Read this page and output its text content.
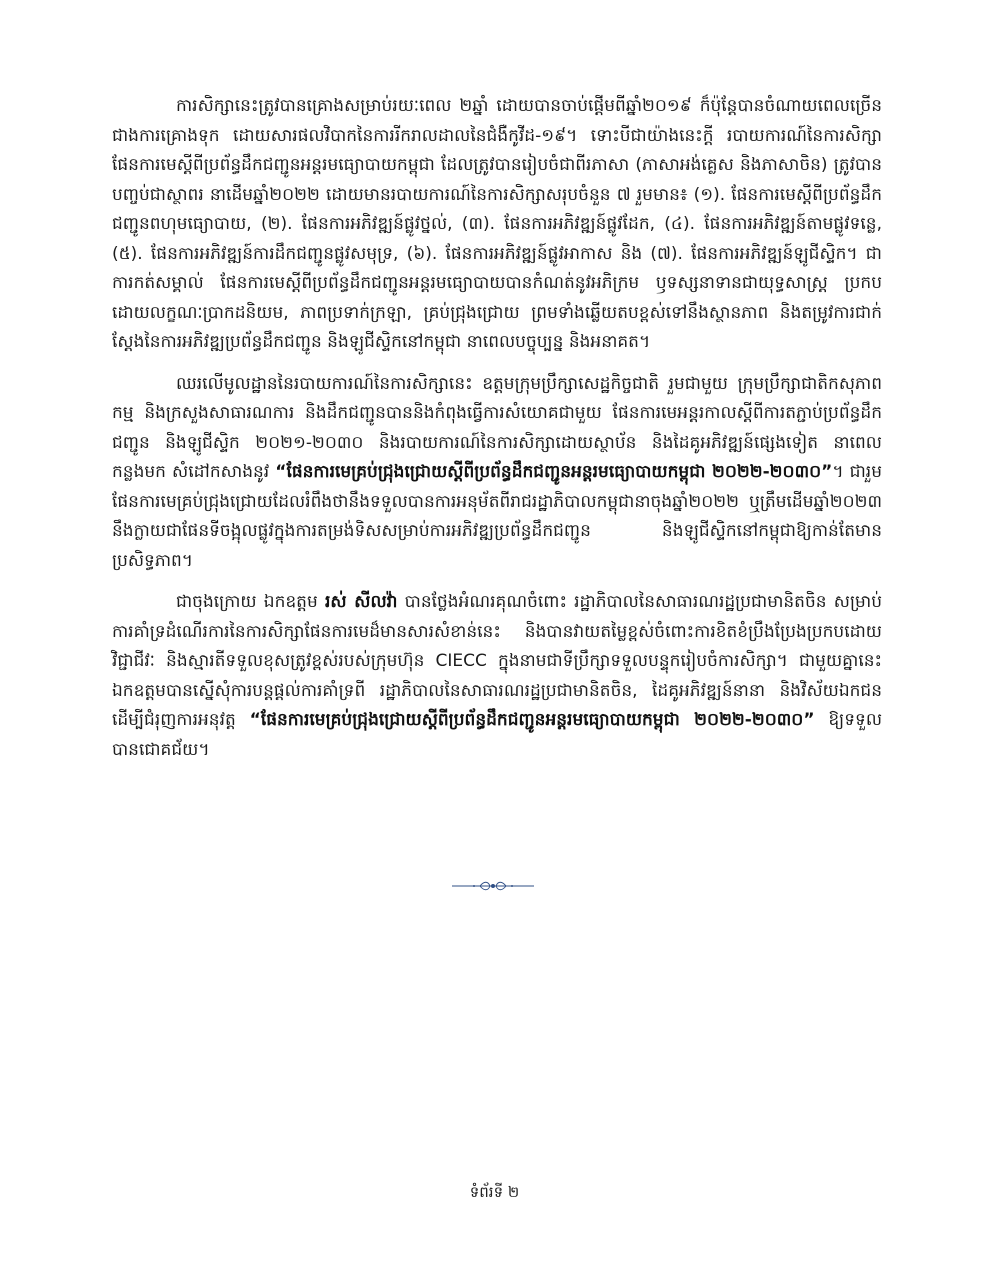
ការសិក្សានេះត្រូវបានគ្រោងសម្រាប់រយៈពេល ២ឆ្នាំ ដោយបានចាប់ផ្តើមពីឆ្នាំ២០១៩ ក៏ប៉ុន្តែបានចំណាយពេលច្រើនជាងការគ្រោងទុក ដោយសារផលវិបាកនៃការរីករាលដាលនៃជំងឺកូវីដ-១៩។ ទោះបីជាយ៉ាងនេះក្តី របាយការណ៍នៃការសិក្សាផែនការមេស្តីពីប្រព័ន្ធដឹកជញ្ជូនអន្តរមធ្យោបាយកម្ពុជា ដែលត្រូវបានរៀបចំជាពីរភាសា (ភាសាអង់គ្លេស និងភាសាចិន) ត្រូវបានបញ្ចប់ជាស្ថាពរ នាដើមឆ្នាំ២០២២ ដោយមានរបាយការណ៍នៃការសិក្សាសរុបចំនួន ៧ រួមមាន៖ (១). ផែនការមេស្តីពីប្រព័ន្ធដឹកជញ្ជូនពហុមធ្យោបាយ, (២). ផែនការអភិវឌ្ឍន៍ផ្លូវថ្នល់, (៣). ផែនការអភិវឌ្ឍន៍ផ្លូវដែក, (៤). ផែនការអភិវឌ្ឍន៍តាមផ្លូវទន្លេ, (៥). ផែនការអភិវឌ្ឍន៍ការដឹកជញ្ជូនផ្លូវសមុទ្រ, (៦). ផែនការអភិវឌ្ឍន៍ផ្លូវអាកាស និង (៧). ផែនការអភិវឌ្ឍន៍ឡូជីស្ទិក។ ជាការកត់សម្គាល់ ផែនការមេស្តីពីប្រព័ន្ធដឹកជញ្ជូនអន្តរមធ្យោបាយបានកំណត់នូវអភិក្រម ឫទស្សនាទានជាយុទ្ធសាស្ត្រ ប្រកបដោយលក្ខណៈប្រាកដនិយម, ភាពប្រទាក់ក្រឡា, គ្រប់ជ្រុងជ្រោយ ព្រមទាំងឆ្លើយតបខ្ពស់ទៅនឹងស្ថានភាព និងតម្រូវការជាក់ស្តែងនៃការអភិវឌ្ឍប្រព័ន្ធដឹកជញ្ជូន និងឡូជីស្ទិកនៅកម្ពុជា នាពេលបច្ចុប្បន្ន និងអនាគត។

ឈរលើមូលដ្ឋាននៃរបាយការណ៍នៃការសិក្សានេះ ឧត្តមក្រុមប្រឹក្សាសេដ្ឋកិច្ចជាតិ រួមជាមួយ ក្រុមប្រឹក្សាជាតិកសុភាពកម្ម និងក្រសួងសាធារណការ និងដឹកជញ្ជូនបាននិងកំពុងធ្វើការសំយោគជាមួយ ផែនការមេអន្តរកាលស្តីពីការតភ្ជាប់ប្រព័ន្ធដឹកជញ្ជូន និងឡូជីស្ទិក ២០២១-២០៣០ និងរបាយការណ៍នៃការសិក្សាដោយស្ថាប័ន និងដៃគូអភិវឌ្ឍន៍ផ្សេងទៀត នាពេលកន្លងមក សំដៅកសាងនូវ “ផែនការមេគ្រប់ជ្រុងជ្រោយស្តីពីប្រព័ន្ធដឹកជញ្ជូនអន្តរមធ្យោបាយកម្ពុជា ២០២២-២០៣០”។ ជារួម ផែនការមេគ្រប់ជ្រុងជ្រោយដែលរំពឹងថានឹងទទួលបានការអនុម័តពីរាជរដ្ឋាភិបាលកម្ពុជានាចុងឆ្នាំ២០២២ ឬត្រឹមដើមឆ្នាំ២០២៣ នឹងក្លាយជាផែនទីចង្អុលផ្លូវក្នុងការតម្រង់ទិសសម្រាប់ការអភិវឌ្ឍប្រព័ន្ធដឹកជញ្ជូន និងឡូជីស្ទិកនៅកម្ពុជាឱ្យកាន់តែមានប្រសិទ្ធភាព។

ជាចុងក្រោយ ឯកឧត្តម រស់ សីលវ៉ា បានថ្លែងអំណរគុណចំពោះ រដ្ឋាភិបាលនៃសាធារណរដ្ឋប្រជាមានិតចិន សម្រាប់ការគាំទ្រដំណើរការនៃការសិក្សាផែនការមេដ៏មានសារសំខាន់នេះ និងបានវាយតម្លៃខ្ពស់ចំពោះការខិតខំប្រឹងប្រែងប្រកបដោយវិជ្ជាជីវៈ និងស្មារតីទទួលខុសត្រូវខ្ពស់របស់ក្រុមហ៊ុន CIECC ក្នុងនាមជាទីប្រឹក្សាទទួលបន្ទុករៀបចំការសិក្សា។ ជាមួយគ្នានេះ ឯកឧត្តមបានស្នើសុំការបន្តផ្តល់ការគាំទ្រពី រដ្ឋាភិបាលនៃសាធារណរដ្ឋប្រជាមានិតចិន, ដៃគូអភិវឌ្ឍន៍នានា និងវិស័យឯកជន ដើម្បីជំរុញការអនុវត្ត “ផែនការមេគ្រប់ជ្រុងជ្រោយស្តីពីប្រព័ន្ធដឹកជញ្ជូនអន្តរមធ្យោបាយកម្ពុជា ២០២២-២០៣០” ឱ្យទទួលបានជោគជ័យ។

ទំព័រទី ២
